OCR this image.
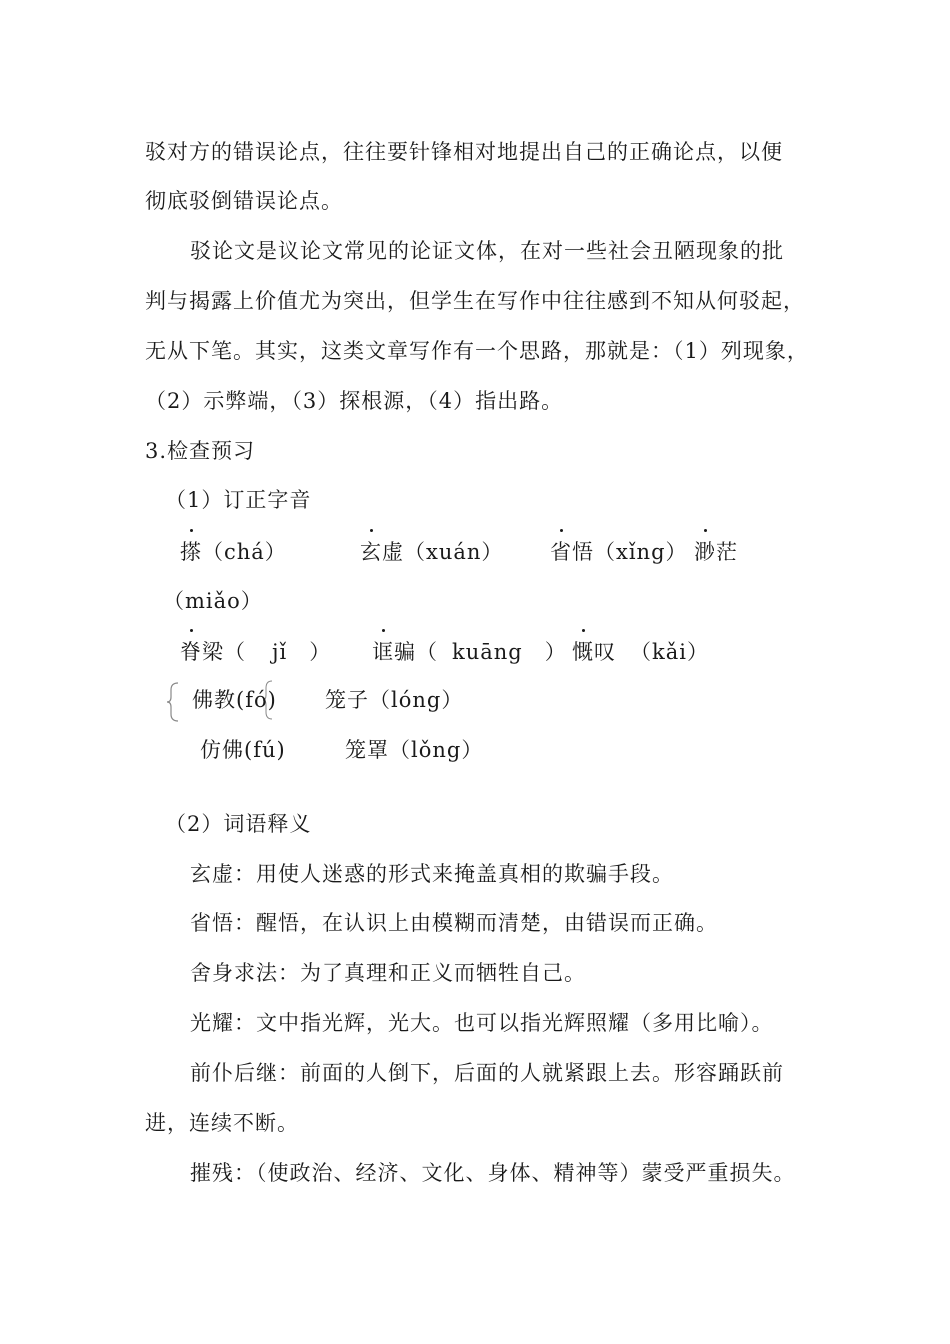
驳对方的错误论点，往往要针锋相对地提出自己的正确论点，以便
彻底驳倒错误论点。
驳论文是议论文常见的论证文体，在对一些社会丑陋现象的批
判与揭露上价值尤为突出，但学生在写作中往往感到不知从何驳起，
无从下笔。其实，这类文章写作有一个思路，那就是：（1）列现象，
（2）示弊端，（3）探根源，（4）指出路。
3.检查预习
（1）订正字音
搽（chá）	玄虚（xuán） 省悟（xǐng） 渺茫
（miǎo）
脊梁（ jǐ ） 诓骗（ kuāng ） 慨叹 （kǎi）
佛教(fó) 笼子（lóng）
仿佛(fú)	笼罩（lǒng）
（2）词语释义
玄虚：用使人迷惑的形式来掩盖真相的欺骗手段。
省悟：醒悟，在认识上由模糊而清楚，由错误而正确。
舍身求法：为了真理和正义而牺牲自己。
光耀：文中指光辉，光大。也可以指光辉照耀（多用比喻）。
前仆后继：前面的人倒下，后面的人就紧跟上去。形容踊跃前
进，连续不断。
摧残：（使政治、经济、文化、身体、精神等）蒙受严重损失。
